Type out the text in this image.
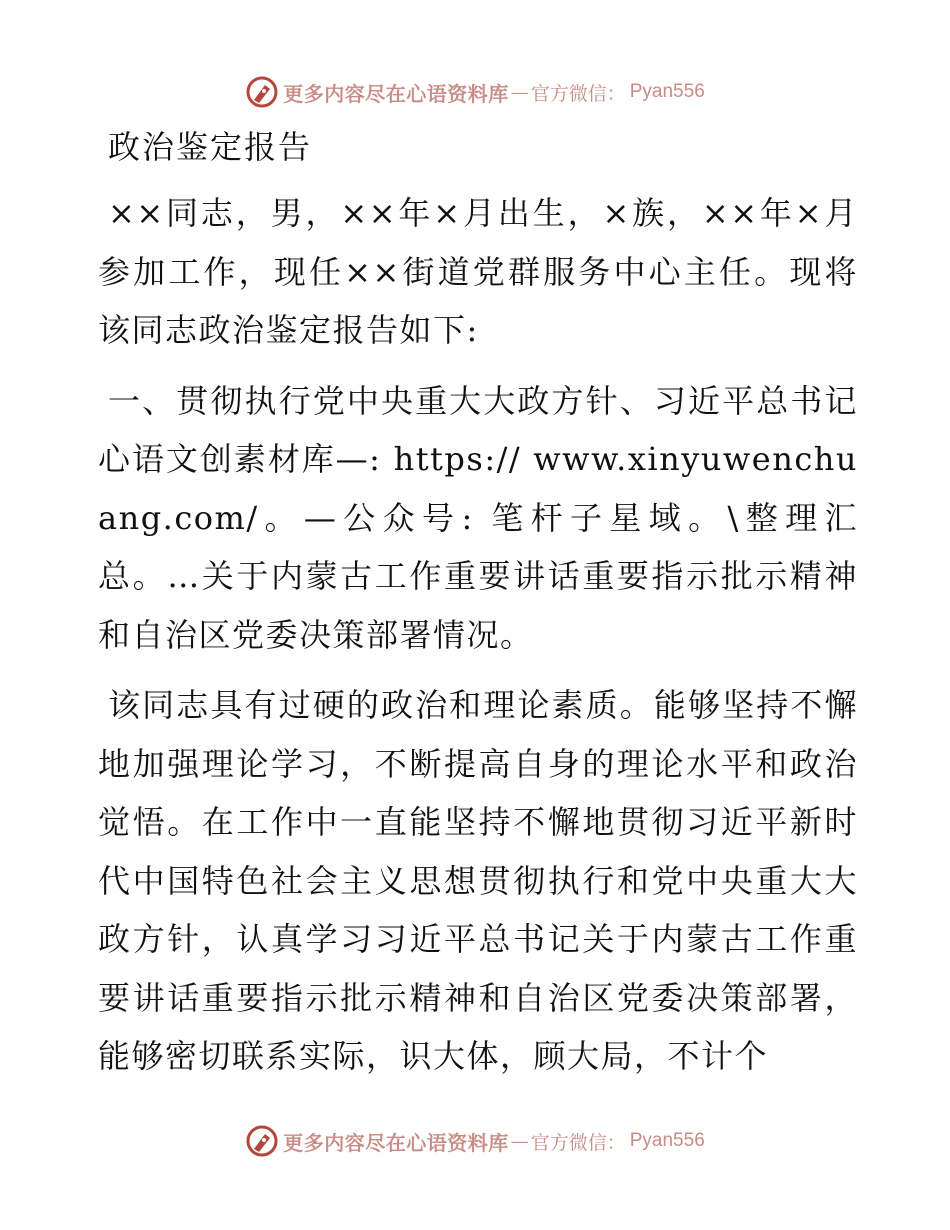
更多内容尽在心语资料库 — 官方微信： Pyan556
政治鉴定报告

××同志，男，××年×月出生，×族，××年×月参加工作，现任××街道党群服务中心主任。现将该同志政治鉴定报告如下:

一、贯彻执行党中央重大大政方针、习近平总书记心语文创素材库—: https:// www.xinyuwenchuang.com/。—公众号: 笔杆子星域。\整理汇总。…关于内蒙古工作重要讲话重要指示批示精神和自治区党委决策部署情况。

该同志具有过硬的政治和理论素质。能够坚持不懈地加强理论学习，不断提高自身的理论水平和政治觉悟。在工作中一直能坚持不懈地贯彻习近平新时代中国特色社会主义思想贯彻执行和党中央重大大政方针，认真学习习近平总书记关于内蒙古工作重要讲话重要指示批示精神和自治区党委决策部署，能够密切联系实际，识大体，顾大局，不计个

更多内容尽在心语资料库 — 官方微信： Pyan556
